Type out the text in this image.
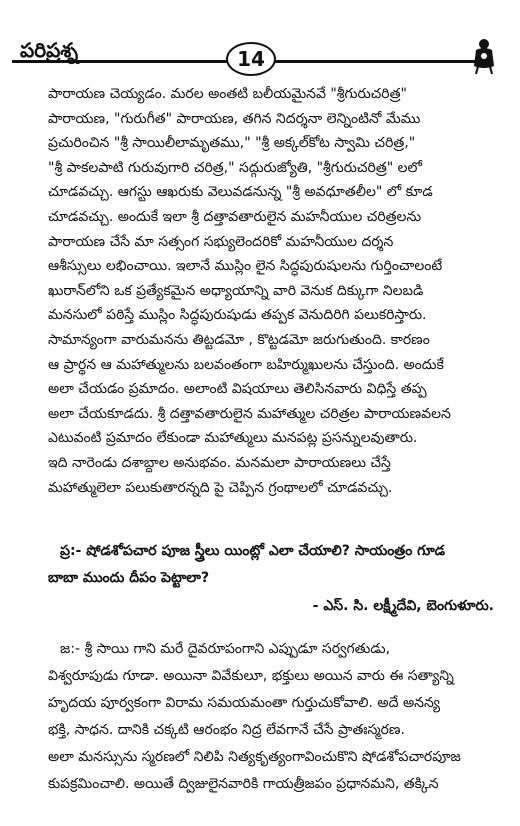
పరిప్రశ్న	14
పారాయణ చెయ్యడం. మరల అంతటి బలీయమైనవే "శ్రీగురుచరిత్ర"
పారాయణ, "గురుగీత" పారాయణ, తగిన నిదర్శనా లెన్నింటినో మేము
ప్రచురించిన "శ్రీ సాయిలీలామృతము," "శ్రీ అక్కల్‌కోట స్వామి చరిత్ర,"
"శ్రీ పాకలపాటి గురువుగారి చరిత్ర," సద్గురుజ్యోతి, "శ్రీగురుచరిత్ర" లలో
చూడవచ్చు. ఆగస్టు ఆఖరుకు వెలువడనున్న "శ్రీ అవధూతలీల" లో కూడ
చూడవచ్చు. అందుకే ఇలా శ్రీ దత్తావతారులైన మహనీయుల చరిత్రలను
పారాయణ చేసే మా సత్సంగ సభ్యులెందరికో మహనీయుల దర్శన
ఆశీస్సులు లభించాయి. ఇలానే ముస్లిం లైన సిద్ధపురుషులను గుర్తించాలంటే
ఖురాన్‌లోని ఒక ప్రత్యేకమైన అధ్యాయాన్ని వారి వెనుక దిక్కుగా నిలబడి
మనసులో పఠిస్తే ముస్లిం సిద్ధపురుషుడు తప్పక వెనుదిరిగి పలుకరిస్తారు.
సామాన్యంగా వారుమనను తిట్టడమో , కొట్టడమో జరుగుతుంది. కారణం
ఆ ప్రార్థన ఆ మహాత్ములను బలవంతంగా బహిర్ముఖులను చేస్తుంది. అందుకే
అలా చేయడం ప్రమాదం. అలాంటి విషయాలు తెలిసినవారు విధిస్తే తప్ప
అలా చేయకూడదు. శ్రీ దత్తావతారులైన మహాత్ముల చరిత్రల పారాయణవలన
ఎటువంటి ప్రమాదం లేకుండా మహాత్ములు మనపట్ల ప్రసన్నులవుతారు.
ఇది నారెండు దశాబ్దాల అనుభవం. మనమలా పారాయణలు చేస్తే
మహాత్ములెలా పలుకుతారన్నది పై చెప్పిన గ్రంథాలలో చూడవచ్చు.
ప్ర:- షోడశోపచార పూజ స్త్రీలు యింట్లో ఎలా చేయాలి? సాయంత్రం గూడ
బాబా ముందు దీపం పెట్టాలా?
- ఎస్. సి. లక్ష్మీదేవి, బెంగుళూరు.
జ:- శ్రీ సాయి గాని మరే దైవరూపంగాని ఎప్పుడూ సర్వగతుడు,
విశ్వరూపుడు గూడా. అయినా వివేకులూ, భక్తులు అయిన వారు ఈ సత్యాన్ని
హృదయ పూర్వకంగా విరామ సమయమంతా గుర్తుచుకోవాలి. అదే అనన్య
భక్తి, సాధన. దానికి చక్కటి ఆరంభం నిద్ర లేవగానే చేసే ప్రాతఃస్మరణ.
అలా మనస్సును స్మరణలో నిలిపి నిత్యకృత్యంగావించుకొని షోడశోపచారపూజ
కుపక్రమించాలి. అయితే ద్విజులైనవారికి గాయత్రీజపం ప్రధానమని, తక్కిన
